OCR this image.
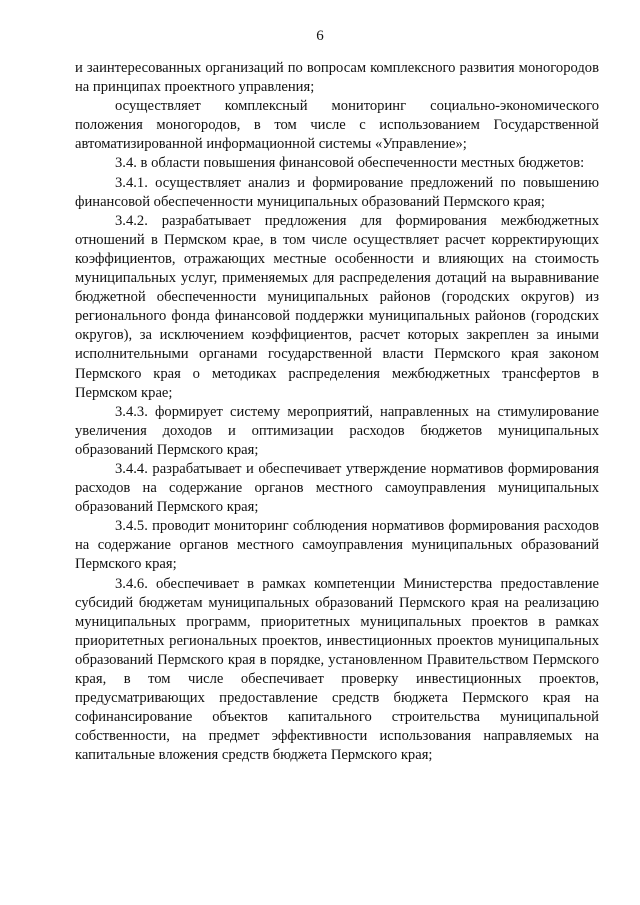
6

и заинтересованных организаций по вопросам комплексного развития моногородов на принципах проектного управления;

осуществляет комплексный мониторинг социально-экономического положения моногородов, в том числе с использованием Государственной автоматизированной информационной системы «Управление»;

3.4. в области повышения финансовой обеспеченности местных бюджетов:

3.4.1. осуществляет анализ и формирование предложений по повышению финансовой обеспеченности муниципальных образований Пермского края;

3.4.2. разрабатывает предложения для формирования межбюджетных отношений в Пермском крае, в том числе осуществляет расчет корректирующих коэффициентов, отражающих местные особенности и влияющих на стоимость муниципальных услуг, применяемых для распределения дотаций на выравнивание бюджетной обеспеченности муниципальных районов (городских округов) из регионального фонда финансовой поддержки муниципальных районов (городских округов), за исключением коэффициентов, расчет которых закреплен за иными исполнительными органами государственной власти Пермского края законом Пермского края о методиках распределения межбюджетных трансфертов в Пермском крае;

3.4.3. формирует систему мероприятий, направленных на стимулирование увеличения доходов и оптимизации расходов бюджетов муниципальных образований Пермского края;

3.4.4. разрабатывает и обеспечивает утверждение нормативов формирования расходов на содержание органов местного самоуправления муниципальных образований Пермского края;

3.4.5. проводит мониторинг соблюдения нормативов формирования расходов на содержание органов местного самоуправления муниципальных образований Пермского края;

3.4.6. обеспечивает в рамках компетенции Министерства предоставление субсидий бюджетам муниципальных образований Пермского края на реализацию муниципальных программ, приоритетных муниципальных проектов в рамках приоритетных региональных проектов, инвестиционных проектов муниципальных образований Пермского края в порядке, установленном Правительством Пермского края, в том числе обеспечивает проверку инвестиционных проектов, предусматривающих предоставление средств бюджета Пермского края на софинансирование объектов капитального строительства муниципальной собственности, на предмет эффективности использования направляемых на капитальные вложения средств бюджета Пермского края;
